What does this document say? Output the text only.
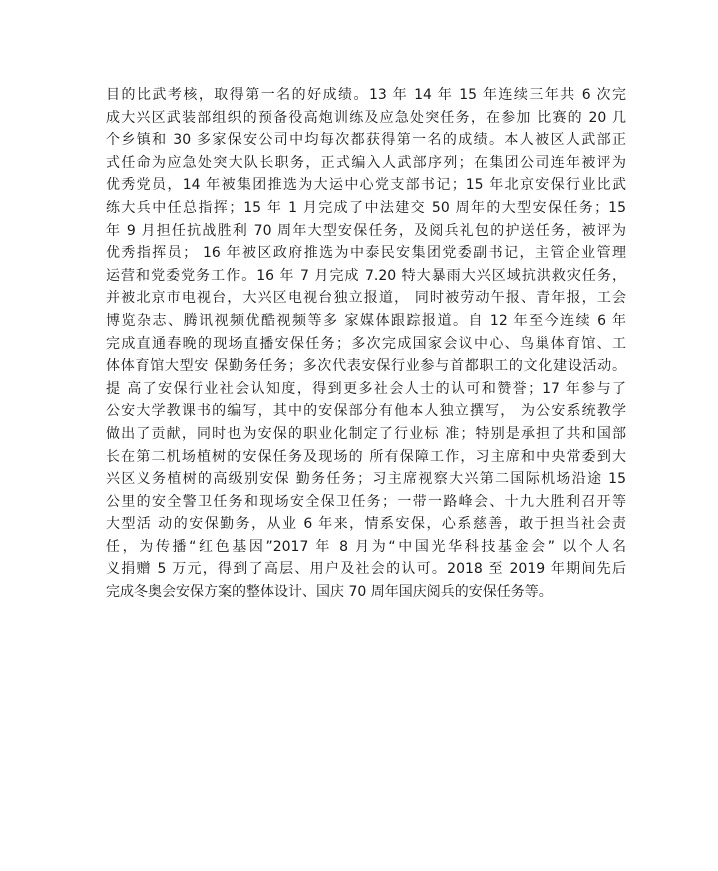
目的比武考核，取得第一名的好成绩。13 年 14 年 15 年连续三年共 6 次完
成大兴区武装部组织的预备役高炮训练及应急处突任务，在参加 比赛的 20 几
个乡镇和 30 多家保安公司中均每次都获得第一名的成绩。本人被区人武部正
式任命为应急处突大队长职务，正式编入人武部序列；在集团公司连年被评为
优秀党员，14 年被集团推选为大运中心党支部书记；15 年北京安保行业比武
练大兵中任总指挥；15 年 1 月完成了中法建交 50 周年的大型安保任务；15
年 9 月担任抗战胜利 70 周年大型安保任务，及阅兵礼包的护送任务，被评为
优秀指挥员； 16 年被区政府推选为中泰民安集团党委副书记，主管企业管理
运营和党委党务工作。16 年 7 月完成 7.20 特大暴雨大兴区域抗洪救灾任务，
并被北京市电视台，大兴区电视台独立报道， 同时被劳动午报、青年报，工会
博览杂志、腾讯视频优酷视频等多 家媒体跟踪报道。自 12 年至今连续 6 年
完成直通春晚的现场直播安保任务；多次完成国家会议中心、鸟巢体育馆、工
体体育馆大型安 保勤务任务；多次代表安保行业参与首都职工的文化建设活动。
提 高了安保行业社会认知度，得到更多社会人士的认可和赞誉；17 年参与了
公安大学教课书的编写，其中的安保部分有他本人独立撰写， 为公安系统教学
做出了贡献，同时也为安保的职业化制定了行业标 准；特别是承担了共和国部
长在第二机场植树的安保任务及现场的 所有保障工作，习主席和中央常委到大
兴区义务植树的高级别安保 勤务任务；习主席视察大兴第二国际机场沿途 15
公里的安全警卫任务和现场安全保卫任务；一带一路峰会、十九大胜利召开等
大型活 动的安保勤务，从业 6 年来，情系安保，心系慈善，敢于担当社会责
任，为传播“红色基因”2017 年 8 月为“中国光华科技基金会” 以个人名
义捐赠 5 万元，得到了高层、用户及社会的认可。2018 至 2019 年期间先后
完成冬奥会安保方案的整体设计、国庆 70 周年国庆阅兵的安保任务等。
